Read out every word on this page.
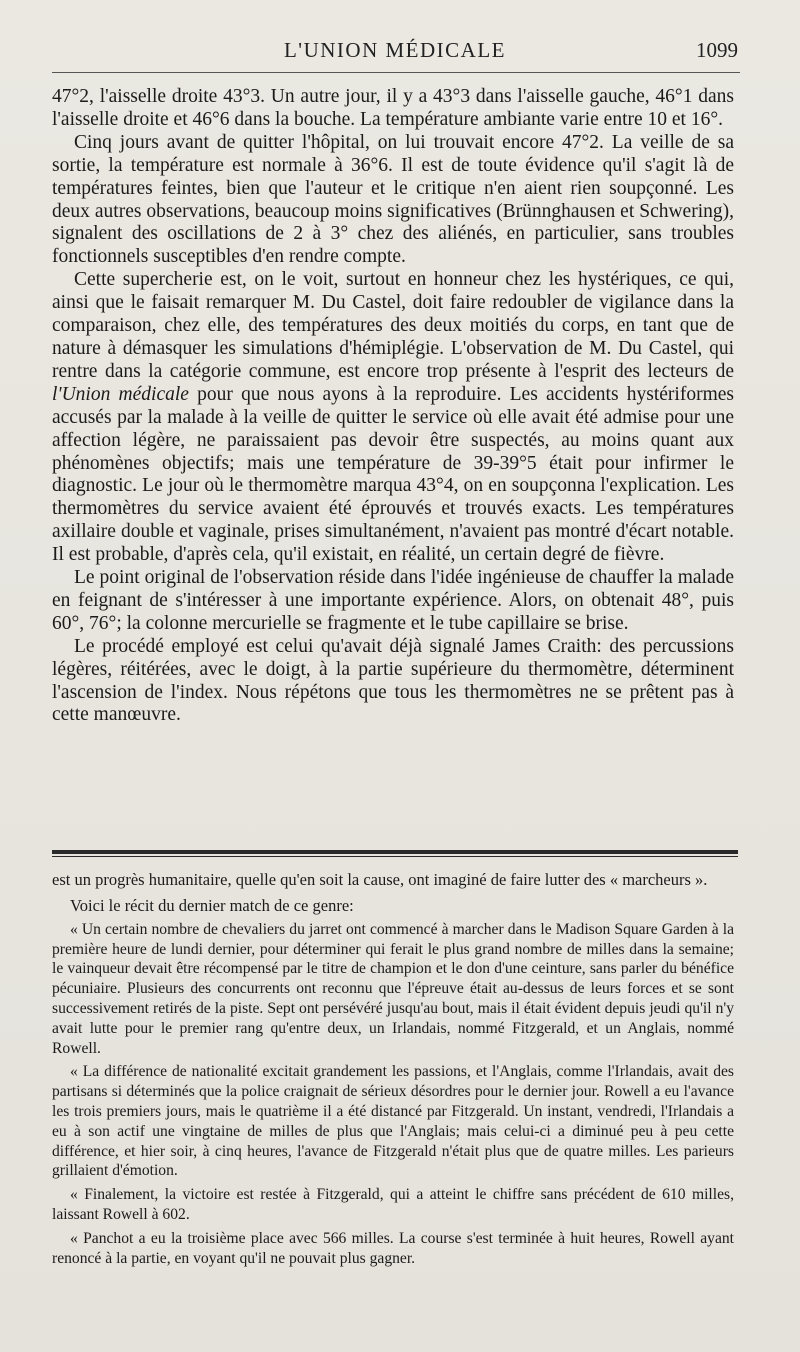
L'UNION MÉDICALE	1099

47°2, l'aisselle droite 43°3. Un autre jour, il y a 43°3 dans l'aisselle gauche, 46°1 dans l'aisselle droite et 46°6 dans la bouche. La température ambiante varie entre 10 et 16°.

Cinq jours avant de quitter l'hôpital, on lui trouvait encore 47°2. La veille de sa sortie, la température est normale à 36°6. Il est de toute évidence qu'il s'agit là de températures feintes, bien que l'auteur et le critique n'en aient rien soupçonné. Les deux autres observations, beaucoup moins significatives (Brünnghausen et Schwering), signalent des oscillations de 2 à 3° chez des aliénés, en particulier, sans troubles fonctionnels susceptibles d'en rendre compte.

Cette supercherie est, on le voit, surtout en honneur chez les hystériques, ce qui, ainsi que le faisait remarquer M. Du Castel, doit faire redoubler de vigilance dans la comparaison, chez elle, des températures des deux moitiés du corps, en tant que de nature à démasquer les simulations d'hémiplégie. L'observation de M. Du Castel, qui rentre dans la catégorie commune, est encore trop présente à l'esprit des lecteurs de l'Union médicale pour que nous ayons à la reproduire. Les accidents hystériformes accusés par la malade à la veille de quitter le service où elle avait été admise pour une affection légère, ne paraissaient pas devoir être suspectés, au moins quant aux phénomènes objectifs; mais une température de 39-39°5 était pour infirmer le diagnostic. Le jour où le thermomètre marqua 43°4, on en soupçonna l'explication. Les thermomètres du service avaient été éprouvés et trouvés exacts. Les températures axillaire double et vaginale, prises simultanément, n'avaient pas montré d'écart notable. Il est probable, d'après cela, qu'il existait, en réalité, un certain degré de fièvre.

Le point original de l'observation réside dans l'idée ingénieuse de chauffer la malade en feignant de s'intéresser à une importante expérience. Alors, on obtenait 48°, puis 60°, 76°; la colonne mercurielle se fragmente et le tube capillaire se brise.

Le procédé employé est celui qu'avait déjà signalé James Craith: des percussions légères, réitérées, avec le doigt, à la partie supérieure du thermomètre, déterminent l'ascension de l'index. Nous répétons que tous les thermomètres ne se prêtent pas à cette manœuvre.

est un progrès humanitaire, quelle qu'en soit la cause, ont imaginé de faire lutter des « marcheurs ».

Voici le récit du dernier match de ce genre:

« Un certain nombre de chevaliers du jarret ont commencé à marcher dans le Madison Square Garden à la première heure de lundi dernier, pour déterminer qui ferait le plus grand nombre de milles dans la semaine; le vainqueur devait être récompensé par le titre de champion et le don d'une ceinture, sans parler du bénéfice pécuniaire. Plusieurs des concurrents ont reconnu que l'épreuve était au-dessus de leurs forces et se sont successivement retirés de la piste. Sept ont persévéré jusqu'au bout, mais il était évident depuis jeudi qu'il n'y avait lutte pour le premier rang qu'entre deux, un Irlandais, nommé Fitzgerald, et un Anglais, nommé Rowell.

« La différence de nationalité excitait grandement les passions, et l'Anglais, comme l'Irlandais, avait des partisans si déterminés que la police craignait de sérieux désordres pour le dernier jour. Rowell a eu l'avance les trois premiers jours, mais le quatrième il a été distancé par Fitzgerald. Un instant, vendredi, l'Irlandais a eu à son actif une vingtaine de milles de plus que l'Anglais; mais celui-ci a diminué peu à peu cette différence, et hier soir, à cinq heures, l'avance de Fitzgerald n'était plus que de quatre milles. Les parieurs grillaient d'émotion.

« Finalement, la victoire est restée à Fitzgerald, qui a atteint le chiffre sans précédent de 610 milles, laissant Rowell à 602.

« Panchot a eu la troisième place avec 566 milles. La course s'est terminée à huit heures, Rowell ayant renoncé à la partie, en voyant qu'il ne pouvait plus gagner.
